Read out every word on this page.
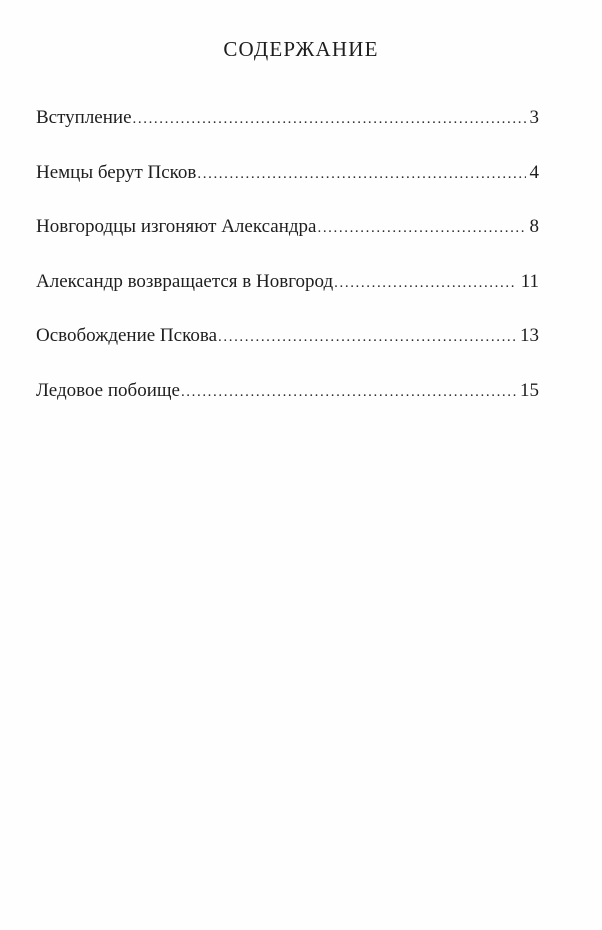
СОДЕРЖАНИЕ
Вступление .....	3
Немцы берут Псков .....	4
Новгородцы изгоняют Александра .....	8
Александр возвращается в Новгород .....	11
Освобождение Пскова .....	13
Ледовое побоище .....	15
